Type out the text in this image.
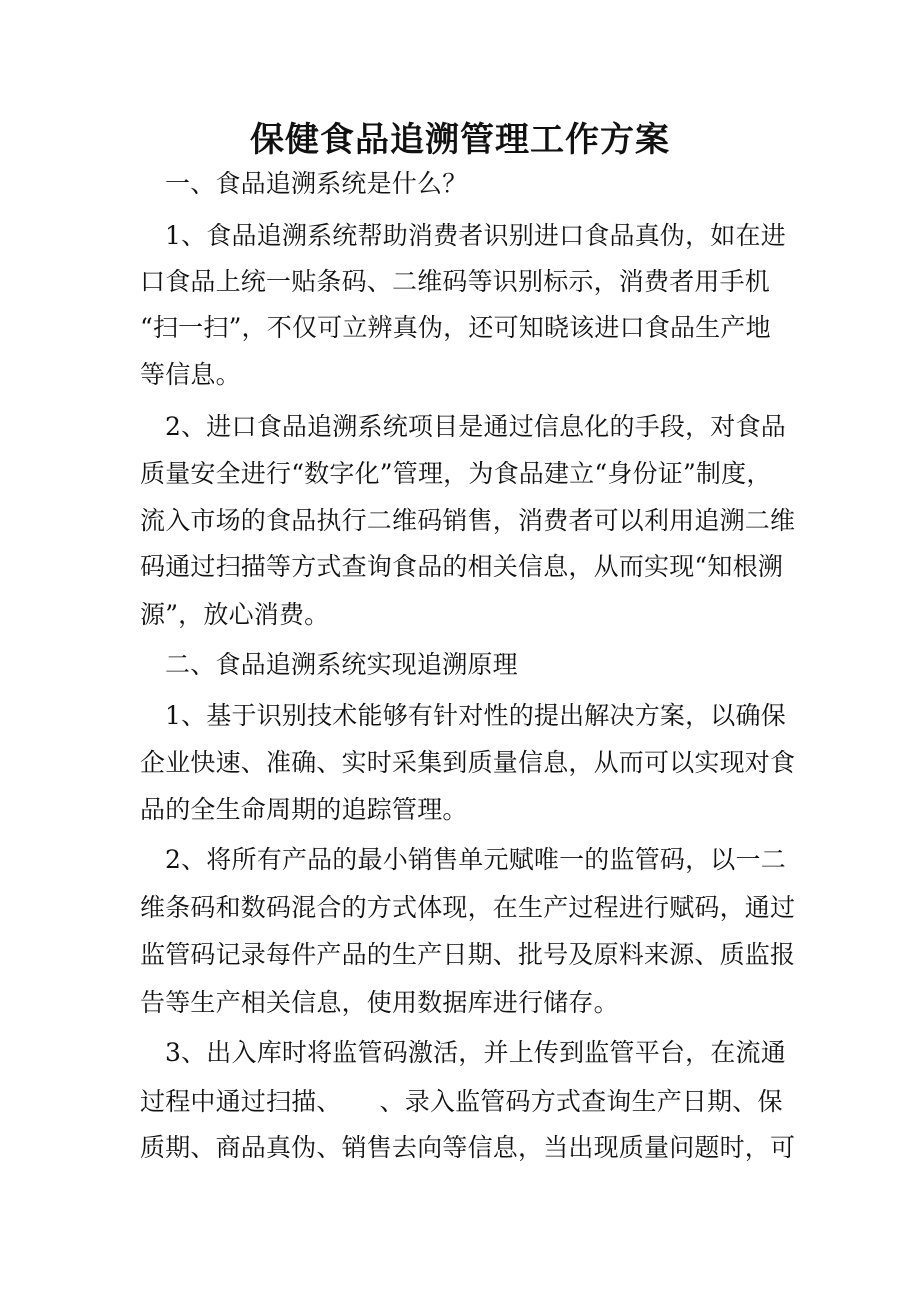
保健食品追溯管理工作方案
一、食品追溯系统是什么？
1、食品追溯系统帮助消费者识别进口食品真伪，如在进
口食品上统一贴条码、二维码等识别标示，消费者用手机
“扫一扫”，不仅可立辨真伪，还可知晓该进口食品生产地
等信息。
2、进口食品追溯系统项目是通过信息化的手段，对食品
质量安全进行“数字化”管理，为食品建立“身份证”制度，
流入市场的食品执行二维码销售，消费者可以利用追溯二维
码通过扫描等方式查询食品的相关信息，从而实现“知根溯
源”，放心消费。
二、食品追溯系统实现追溯原理
1、基于识别技术能够有针对性的提出解决方案，以确保
企业快速、准确、实时采集到质量信息，从而可以实现对食
品的全生命周期的追踪管理。
2、将所有产品的最小销售单元赋唯一的监管码，以一二
维条码和数码混合的方式体现，在生产过程进行赋码，通过
监管码记录每件产品的生产日期、批号及原料来源、质监报
告等生产相关信息，使用数据库进行储存。
3、出入库时将监管码激活，并上传到监管平台，在流通
过程中通过扫描、　　、录入监管码方式查询生产日期、保
质期、商品真伪、销售去向等信息，当出现质量问题时，可
